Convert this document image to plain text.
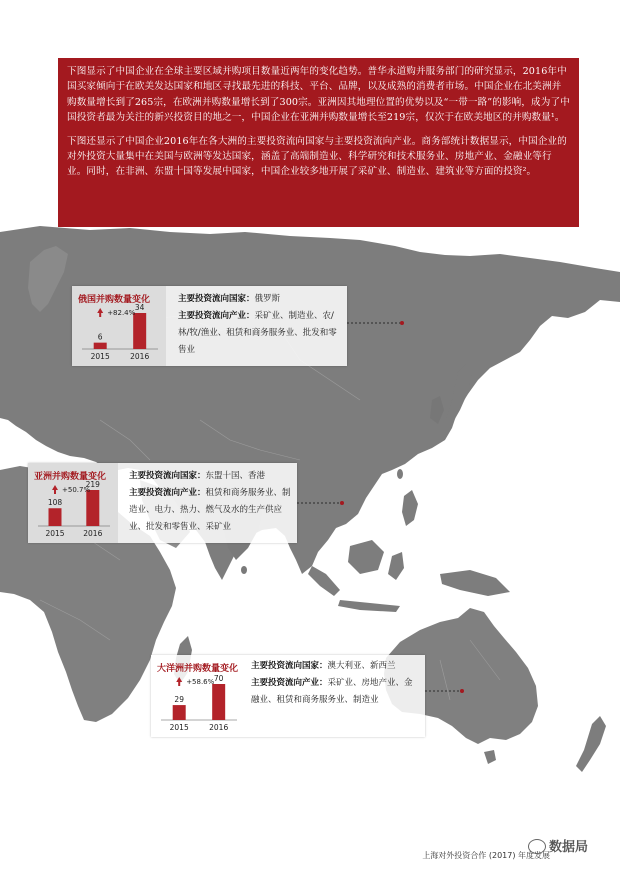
下图显示了中国企业在全球主要区域并购项目数量近两年的变化趋势。普华永道购并服务部门的研究显示，2016年中国买家倾向于在欧美发达国家和地区寻找最先进的科技、平台、品牌，以及成熟的消费者市场。中国企业在北美洲并购数量增长到了265宗，在欧洲并购数量增长到了300宗。亚洲因其地理位置的优势以及“一带一路”的影响，成为了中国投资者最为关注的新兴投资目的地之一，中国企业在亚洲并购数量增长至219宗，仅次于在欧美地区的并购数量¹。

下图还显示了中国企业2016年在各大洲的主要投资流向国家与主要投资流向产业。商务部统计数据显示，中国企业的对外投资大量集中在美国与欧洲等发达国家，涵盖了高端制造业、科学研究和技术服务业、房地产业、金融业等行业。同时，在非洲、东盟十国等发展中国家，中国企业较多地开展了采矿业、制造业、建筑业等方面的投资²。

俄国并购数量变化
6
2015
34
2016
+82.4%
主要投资流向国家：俄罗斯
主要投资流向产业：采矿业、制造业、农/林/牧/渔业、租赁和商务服务业、批发和零售业
亚洲并购数量变化
108
2015
219
2016
+50.7%
主要投资流向国家：东盟十国、香港
主要投资流向产业：租赁和商务服务业、制造业、电力、热力、燃气及水的生产供应业、批发和零售业、采矿业
大洋洲并购数量变化
29
2015
70
2016
+58.6%
主要投资流向国家：澳大利亚、新西兰
主要投资流向产业：采矿业、房地产业、金融业、租赁和商务服务业、制造业
上海对外投资合作 (2017) 年度发展
数据局
